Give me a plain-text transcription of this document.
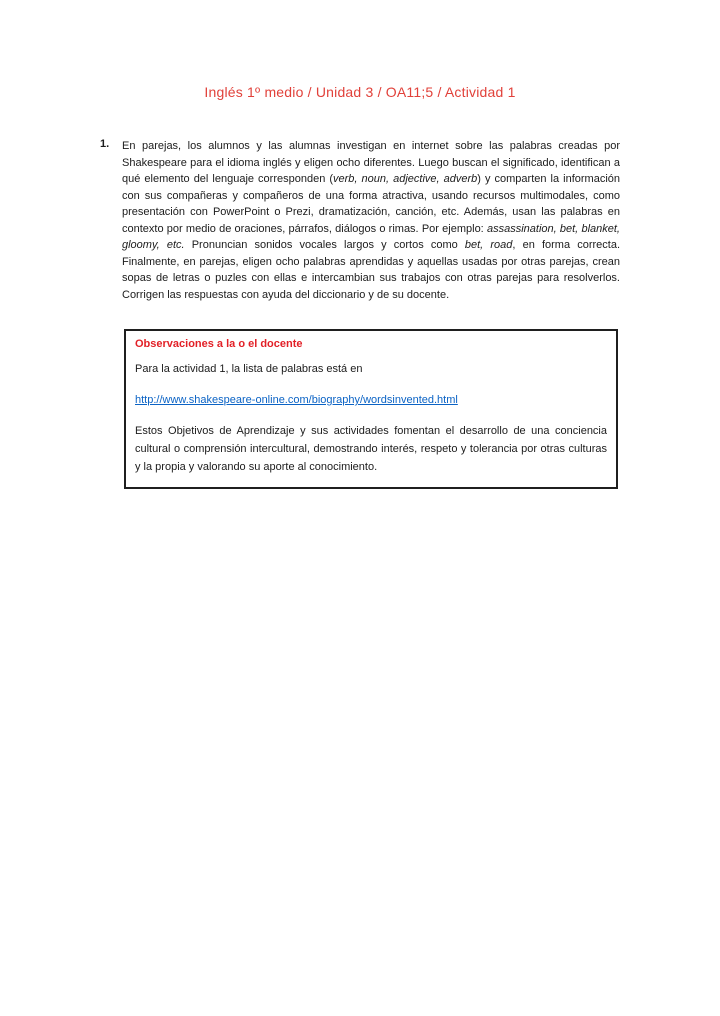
Inglés 1º medio / Unidad 3 / OA11;5 / Actividad 1
1.	En parejas, los alumnos y las alumnas investigan en internet sobre las palabras creadas por Shakespeare para el idioma inglés y eligen ocho diferentes. Luego buscan el significado, identifican a qué elemento del lenguaje corresponden (verb, noun, adjective, adverb) y comparten la información con sus compañeras y compañeros de una forma atractiva, usando recursos multimodales, como presentación con PowerPoint o Prezi, dramatización, canción, etc. Además, usan las palabras en contexto por medio de oraciones, párrafos, diálogos o rimas. Por ejemplo: assassination, bet, blanket, gloomy, etc. Pronuncian sonidos vocales largos y cortos como bet, road, en forma correcta. Finalmente, en parejas, eligen ocho palabras aprendidas y aquellas usadas por otras parejas, crean sopas de letras o puzles con ellas e intercambian sus trabajos con otras parejas para resolverlos. Corrigen las respuestas con ayuda del diccionario y de su docente.

Observaciones a la o el docente

Para la actividad 1, la lista de palabras está en

http://www.shakespeare-online.com/biography/wordsinvented.html

Estos Objetivos de Aprendizaje y sus actividades fomentan el desarrollo de una conciencia cultural o comprensión intercultural, demostrando interés, respeto y tolerancia por otras culturas y la propia y valorando su aporte al conocimiento.
